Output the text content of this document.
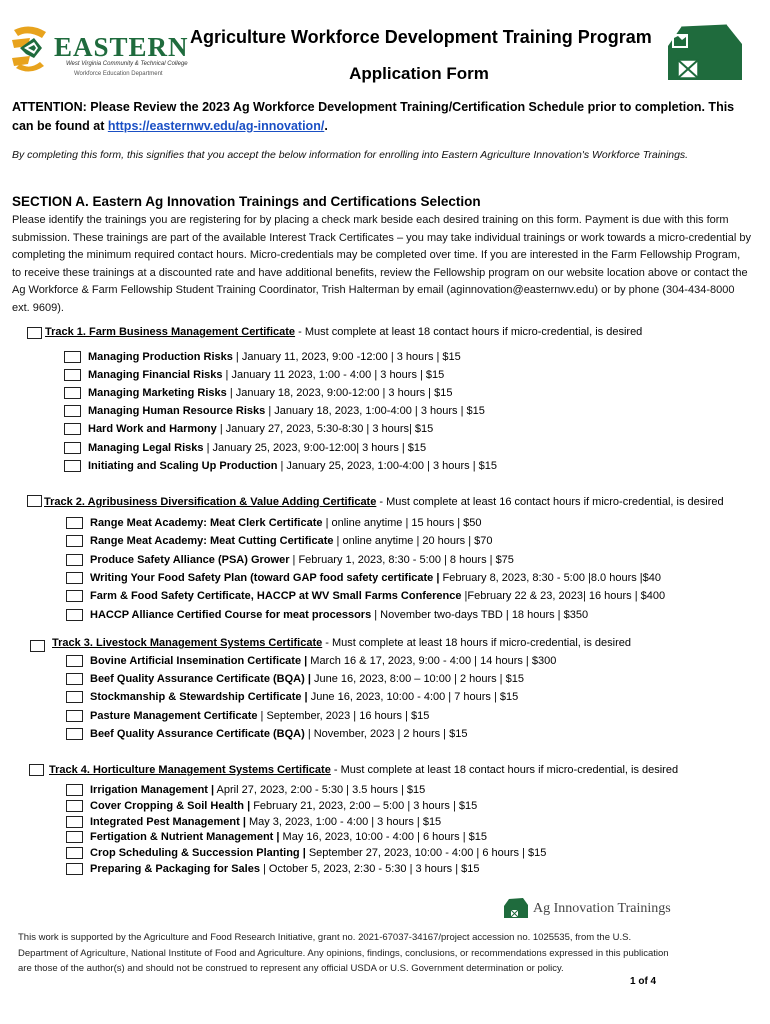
EASTERN
West Virginia Community & Technical College
Workforce Education Department
Agriculture Workforce Development Training Program
Application Form
ATTENTION: Please Review the 2023 Ag Workforce Development Training/Certification Schedule prior to completion. This can be found at https://easternwv.edu/ag-innovation/.
By completing this form, this signifies that you accept the below information for enrolling into Eastern Agriculture Innovation's Workforce Trainings.
SECTION A. Eastern Ag Innovation Trainings and Certifications Selection
Please identify the trainings you are registering for by placing a check mark beside each desired training on this form. Payment is due with this form submission. These trainings are part of the available Interest Track Certificates – you may take individual trainings or work towards a micro-credential by completing the minimum required contact hours. Micro-credentials may be completed over time. If you are interested in the Farm Fellowship Program, to receive these trainings at a discounted rate and have additional benefits, review the Fellowship program on our website location above or contact the Ag Workforce & Farm Fellowship Student Training Coordinator, Trish Halterman by email (aginnovation@easternwv.edu) or by phone (304-434-8000 ext. 9609).
Track 1. Farm Business Management Certificate - Must complete at least 18 contact hours if micro-credential, is desired
Managing Production Risks | January 11, 2023, 9:00 -12:00 | 3 hours | $15
Managing Financial Risks | January 11 2023, 1:00 - 4:00 | 3 hours | $15
Managing Marketing Risks | January 18, 2023, 9:00-12:00 | 3 hours | $15
Managing Human Resource Risks | January 18, 2023, 1:00-4:00 | 3 hours | $15
Hard Work and Harmony | January 27, 2023, 5:30-8:30 | 3 hours| $15
Managing Legal Risks | January 25, 2023, 9:00-12:00| 3 hours | $15
Initiating and Scaling Up Production | January 25, 2023, 1:00-4:00 | 3 hours | $15
Track 2. Agribusiness Diversification & Value Adding Certificate - Must complete at least 16 contact hours if micro-credential, is desired
Range Meat Academy: Meat Clerk Certificate | online anytime | 15 hours | $50
Range Meat Academy: Meat Cutting Certificate | online anytime | 20 hours | $70
Produce Safety Alliance (PSA) Grower | February 1, 2023, 8:30 - 5:00 | 8 hours | $75
Writing Your Food Safety Plan (toward GAP food safety certificate | February 8, 2023, 8:30 - 5:00 |8.0 hours |$40
Farm & Food Safety Certificate, HACCP at WV Small Farms Conference |February 22 & 23, 2023| 16 hours | $400
HACCP Alliance Certified Course for meat processors | November two-days TBD | 18 hours | $350
Track 3. Livestock Management Systems Certificate - Must complete at least 18 hours if micro-credential, is desired
Bovine Artificial Insemination Certificate | March 16 & 17, 2023, 9:00 - 4:00 | 14 hours | $300
Beef Quality Assurance Certificate (BQA) | June 16, 2023, 8:00 – 10:00 | 2 hours | $15
Stockmanship & Stewardship Certificate | June 16, 2023, 10:00 - 4:00 | 7 hours | $15
Pasture Management Certificate | September, 2023 | 16 hours | $15
Beef Quality Assurance Certificate (BQA) | November, 2023 | 2 hours | $15
Track 4. Horticulture Management Systems Certificate - Must complete at least 18 contact hours if micro-credential, is desired
Irrigation Management | April 27, 2023, 2:00 - 5:30 | 3.5 hours | $15
Cover Cropping & Soil Health | February 21, 2023, 2:00 – 5:00 | 3 hours | $15
Integrated Pest Management | May 3, 2023, 1:00 - 4:00 | 3 hours | $15
Fertigation & Nutrient Management | May 16, 2023, 10:00 - 4:00 | 6 hours | $15
Crop Scheduling & Succession Planting | September 27, 2023, 10:00 - 4:00 | 6 hours | $15
Preparing & Packaging for Sales | October 5, 2023, 2:30 - 5:30 | 3 hours | $15
Ag Innovation Trainings
This work is supported by the Agriculture and Food Research Initiative, grant no. 2021-67037-34167/project accession no. 1025535, from the U.S. Department of Agriculture, National Institute of Food and Agriculture. Any opinions, findings, conclusions, or recommendations expressed in this publication are those of the author(s) and should not be construed to represent any official USDA or U.S. Government determination or policy.
1 of 4
